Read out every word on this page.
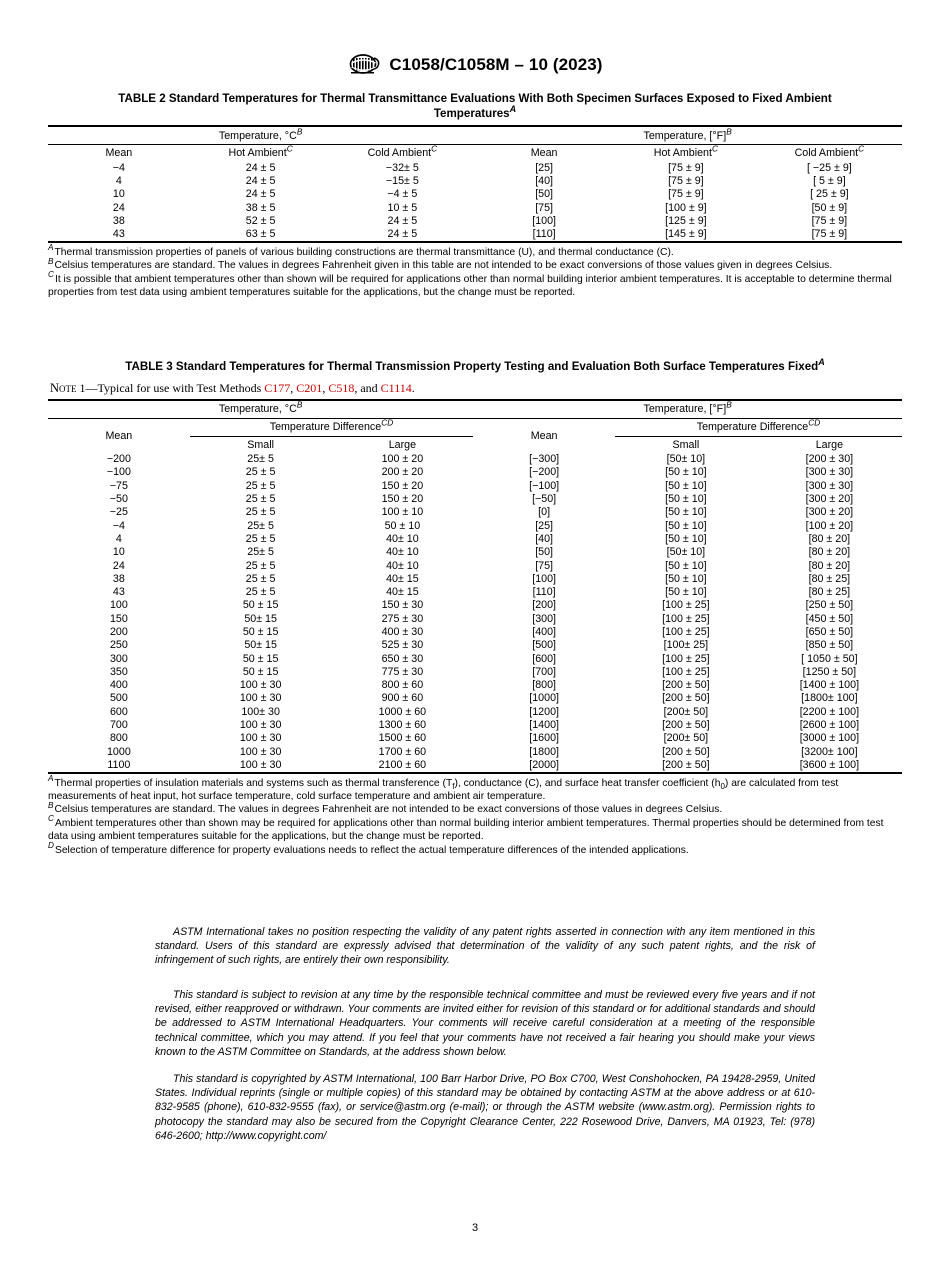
C1058/C1058M – 10 (2023)
TABLE 2 Standard Temperatures for Thermal Transmittance Evaluations With Both Specimen Surfaces Exposed to Fixed Ambient Temperatures$^A$
Temperature, $^\circ C^B$			Temperature, $[^\circ F]^B$
Mean	Hot Ambient$^C$	Cold Ambient$^C$	Mean	Hot Ambient$^C$	Cold Ambient$^C$
−4	24 ± 5	−32± 5	[25]	[75 ± 9]	[ −25 ± 9]
4	24 ± 5	−15± 5	[40]	[75 ± 9]	[ 5 ± 9]
10	24 ± 5	−4 ± 5	[50]	[75 ± 9]	[ 25 ± 9]
24	38 ± 5	10 ± 5	[75]	[100 ± 9]	[50 ± 9]
38	52 ± 5	24 ± 5	[100]	[125 ± 9]	[75 ± 9]
43	63 ± 5	24 ± 5	[110]	[145 ± 9]	[75 ± 9]

$^A$Thermal transmission properties of panels of various building constructions are thermal transmittance (U), and thermal conductance (C).

$^B$Celsius temperatures are standard. The values in degrees Fahrenheit given in this table are not intended to be exact conversions of those values given in degrees Celsius.

$^C$It is possible that ambient temperatures other than shown will be required for applications other than normal building interior ambient temperatures. It is acceptable to determine thermal properties from test data using ambient temperatures suitable for the applications, but the change must be reported.

TABLE 3 Standard Temperatures for Thermal Transmission Property Testing and Evaluation Both Surface Temperatures Fixed$^A$
Note 1—Typical for use with Test Methods C177, C201, C518, and C1114.
Temperature, $^\circ C^B$			Temperature, $[^\circ F]^B$
Mean	Temperature Difference$^{CD}$		Mean	Temperature Difference$^{CD}$
	Small	Large		Small	Large
−200	25± 5	100 ± 20	[−300]	[50± 10]	[200 ± 30]
−100	25 ± 5	200 ± 20	[−200]	[50 ± 10]	[300 ± 30]
−75	25 ± 5	150 ± 20	[−100]	[50 ± 10]	[300 ± 30]
−50	25 ± 5	150 ± 20	[−50]	[50 ± 10]	[300 ± 20]
−25	25 ± 5	100 ± 10	[0]	[50 ± 10]	[300 ± 20]
−4	25± 5	50 ± 10	[25]	[50 ± 10]	[100 ± 20]
4	25 ± 5	40± 10	[40]	[50 ± 10]	[80 ± 20]
10	25± 5	40± 10	[50]	[50± 10]	[80 ± 20]
24	25 ± 5	40± 10	[75]	[50 ± 10]	[80 ± 20]
38	25 ± 5	40± 15	[100]	[50 ± 10]	[80 ± 25]
43	25 ± 5	40± 15	[110]	[50 ± 10]	[80 ± 25]
100	50 ± 15	150 ± 30	[200]	[100 ± 25]	[250 ± 50]
150	50± 15	275 ± 30	[300]	[100 ± 25]	[450 ± 50]
200	50 ± 15	400 ± 30	[400]	[100 ± 25]	[650 ± 50]
250	50± 15	525 ± 30	[500]	[100± 25]	[850 ± 50]
300	50 ± 15	650 ± 30	[600]	[100 ± 25]	[ 1050 ± 50]
350	50 ± 15	775 ± 30	[700]	[100 ± 25]	[1250 ± 50]
400	100 ± 30	800 ± 60	[800]	[200 ± 50]	[1400 ± 100]
500	100 ± 30	900 ± 60	[1000]	[200 ± 50]	[1800± 100]
600	100± 30	1000 ± 60	[1200]	[200± 50]	[2200 ± 100]
700	100 ± 30	1300 ± 60	[1400]	[200 ± 50]	[2600 ± 100]
800	100 ± 30	1500 ± 60	[1600]	[200± 50]	[3000 ± 100]
1000	100 ± 30	1700 ± 60	[1800]	[200 ± 50]	[3200± 100]
1100	100 ± 30	2100 ± 60	[2000]	[200 ± 50]	[3600 ± 100]

$^A$Thermal properties of insulation materials and systems such as thermal transference $(T_f)$, conductance (C), and surface heat transfer coefficient $(h_0)$ are calculated from test measurements of heat input, hot surface temperature, cold surface temperature and ambient air temperature.

$^B$Celsius temperatures are standard. The values in degrees Fahrenheit are not intended to be exact conversions of those values in degrees Celsius.

$^C$Ambient temperatures other than shown may be required for applications other than normal building interior ambient temperatures. Thermal properties should be determined from test data using ambient temperatures suitable for the applications, but the change must be reported.

$^D$Selection of temperature difference for property evaluations needs to reflect the actual temperature differences of the intended applications.

ASTM International takes no position respecting the validity of any patent rights asserted in connection with any item mentioned in this standard. Users of this standard are expressly advised that determination of the validity of any such patent rights, and the risk of infringement of such rights, are entirely their own responsibility.

This standard is subject to revision at any time by the responsible technical committee and must be reviewed every five years and if not revised, either reapproved or withdrawn. Your comments are invited either for revision of this standard or for additional standards and should be addressed to ASTM International Headquarters. Your comments will receive careful consideration at a meeting of the responsible technical committee, which you may attend. If you feel that your comments have not received a fair hearing you should make your views known to the ASTM Committee on Standards, at the address shown below.

This standard is copyrighted by ASTM International, 100 Barr Harbor Drive, PO Box C700, West Conshohocken, PA 19428-2959, United States. Individual reprints (single or multiple copies) of this standard may be obtained by contacting ASTM at the above address or at 610-832-9585 (phone), 610-832-9555 (fax), or service@astm.org (e-mail); or through the ASTM website (www.astm.org). Permission rights to photocopy the standard may also be secured from the Copyright Clearance Center, 222 Rosewood Drive, Danvers, MA 01923, Tel: (978) 646-2600; http://www.copyright.com/

3
